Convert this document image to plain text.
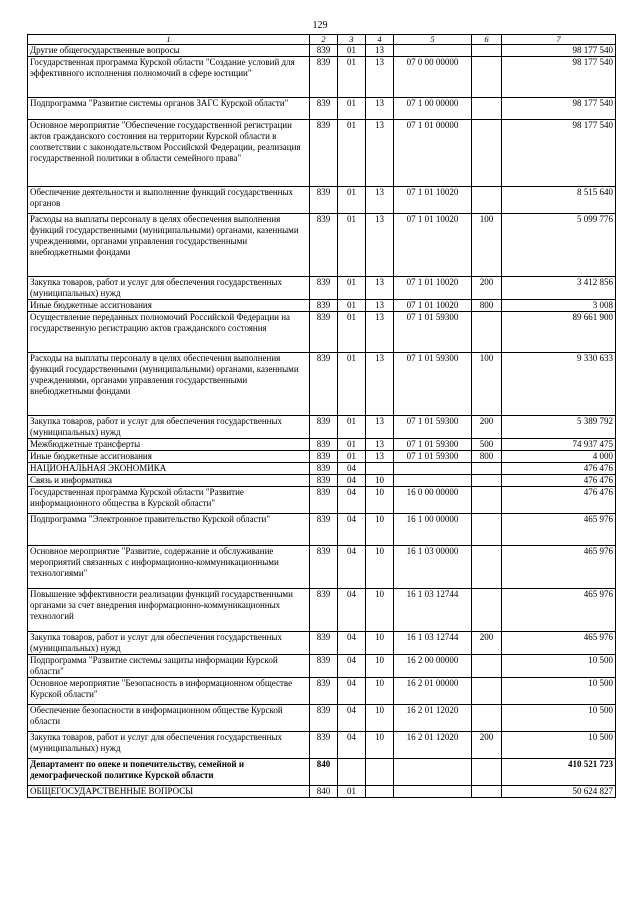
129
1	2	3	4	5	6	7
Другие общегосударственные вопросы	839	01	13			98 177 540
Государственная программа Курской области "Создание условий для эффективного исполнения полномочий в сфере юстиции"	839	01	13	07 0 00 00000		98 177 540
Подпрограмма "Развитие системы органов ЗАГС Курской области"	839	01	13	07 1 00 00000		98 177 540
Основное мероприятие "Обеспечение государственной регистрации актов гражданского состояния на территории Курской области в соответствии с законодательством Российской Федерации, реализация государственной политики в области семейного права"	839	01	13	07 1 01 00000		98 177 540
Обеспечение деятельности и выполнение функций государственных органов	839	01	13	07 1 01 10020		8 515 640
Расходы на выплаты персоналу в целях обеспечения выполнения функций государственными (муниципальными) органами, казенными учреждениями, органами управления государственными внебюджетными фондами	839	01	13	07 1 01 10020	100	5 099 776
Закупка товаров, работ и услуг для обеспечения государственных (муниципальных) нужд	839	01	13	07 1 01 10020	200	3 412 856
Иные бюджетные ассигнования	839	01	13	07 1 01 10020	800	3 008
Осуществление переданных полномочий Российской Федерации на государственную регистрацию актов гражданского состояния	839	01	13	07 1 01 59300		89 661 900
Расходы на выплаты персоналу в целях обеспечения выполнения функций государственными (муниципальными) органами, казенными учреждениями, органами управления государственными внебюджетными фондами	839	01	13	07 1 01 59300	100	9 330 633
Закупка товаров, работ и услуг для обеспечения государственных (муниципальных) нужд	839	01	13	07 1 01 59300	200	5 389 792
Межбюджетные трансферты	839	01	13	07 1 01 59300	500	74 937 475
Иные бюджетные ассигнования	839	01	13	07 1 01 59300	800	4 000
НАЦИОНАЛЬНАЯ ЭКОНОМИКА	839	04				476 476
Связь и информатика	839	04	10			476 476
Государственная программа Курской области "Развитие информационного общества в Курской области"	839	04	10	16 0 00 00000		476 476
Подпрограмма "Электронное правительство Курской области"	839	04	10	16 1 00 00000		465 976
Основное мероприятие "Развитие, содержание и обслуживание мероприятий связанных с информационно-коммуникационными технологиями"	839	04	10	16 1 03 00000		465 976
Повышение эффективности реализации функций государственными органами за счет внедрения информационно-коммуникационных технологий	839	04	10	16 1 03 12744		465 976
Закупка товаров, работ и услуг для обеспечения государственных (муниципальных) нужд	839	04	10	16 1 03 12744	200	465 976
Подпрограмма "Развитие системы защиты информации Курской области"	839	04	10	16 2 00 00000		10 500
Основное мероприятие "Безопасность в информационном обществе Курской области"	839	04	10	16 2 01 00000		10 500
Обеспечение безопасности в информационном обществе Курской области	839	04	10	16 2 01 12020		10 500
Закупка товаров, работ и услуг для обеспечения государственных (муниципальных) нужд	839	04	10	16 2 01 12020	200	10 500
Департамент по опеке и попечительству, семейной и демографической политике Курской области	840					410 521 723
ОБЩЕГОСУДАРСТВЕННЫЕ ВОПРОСЫ	840	01				50 624 827
